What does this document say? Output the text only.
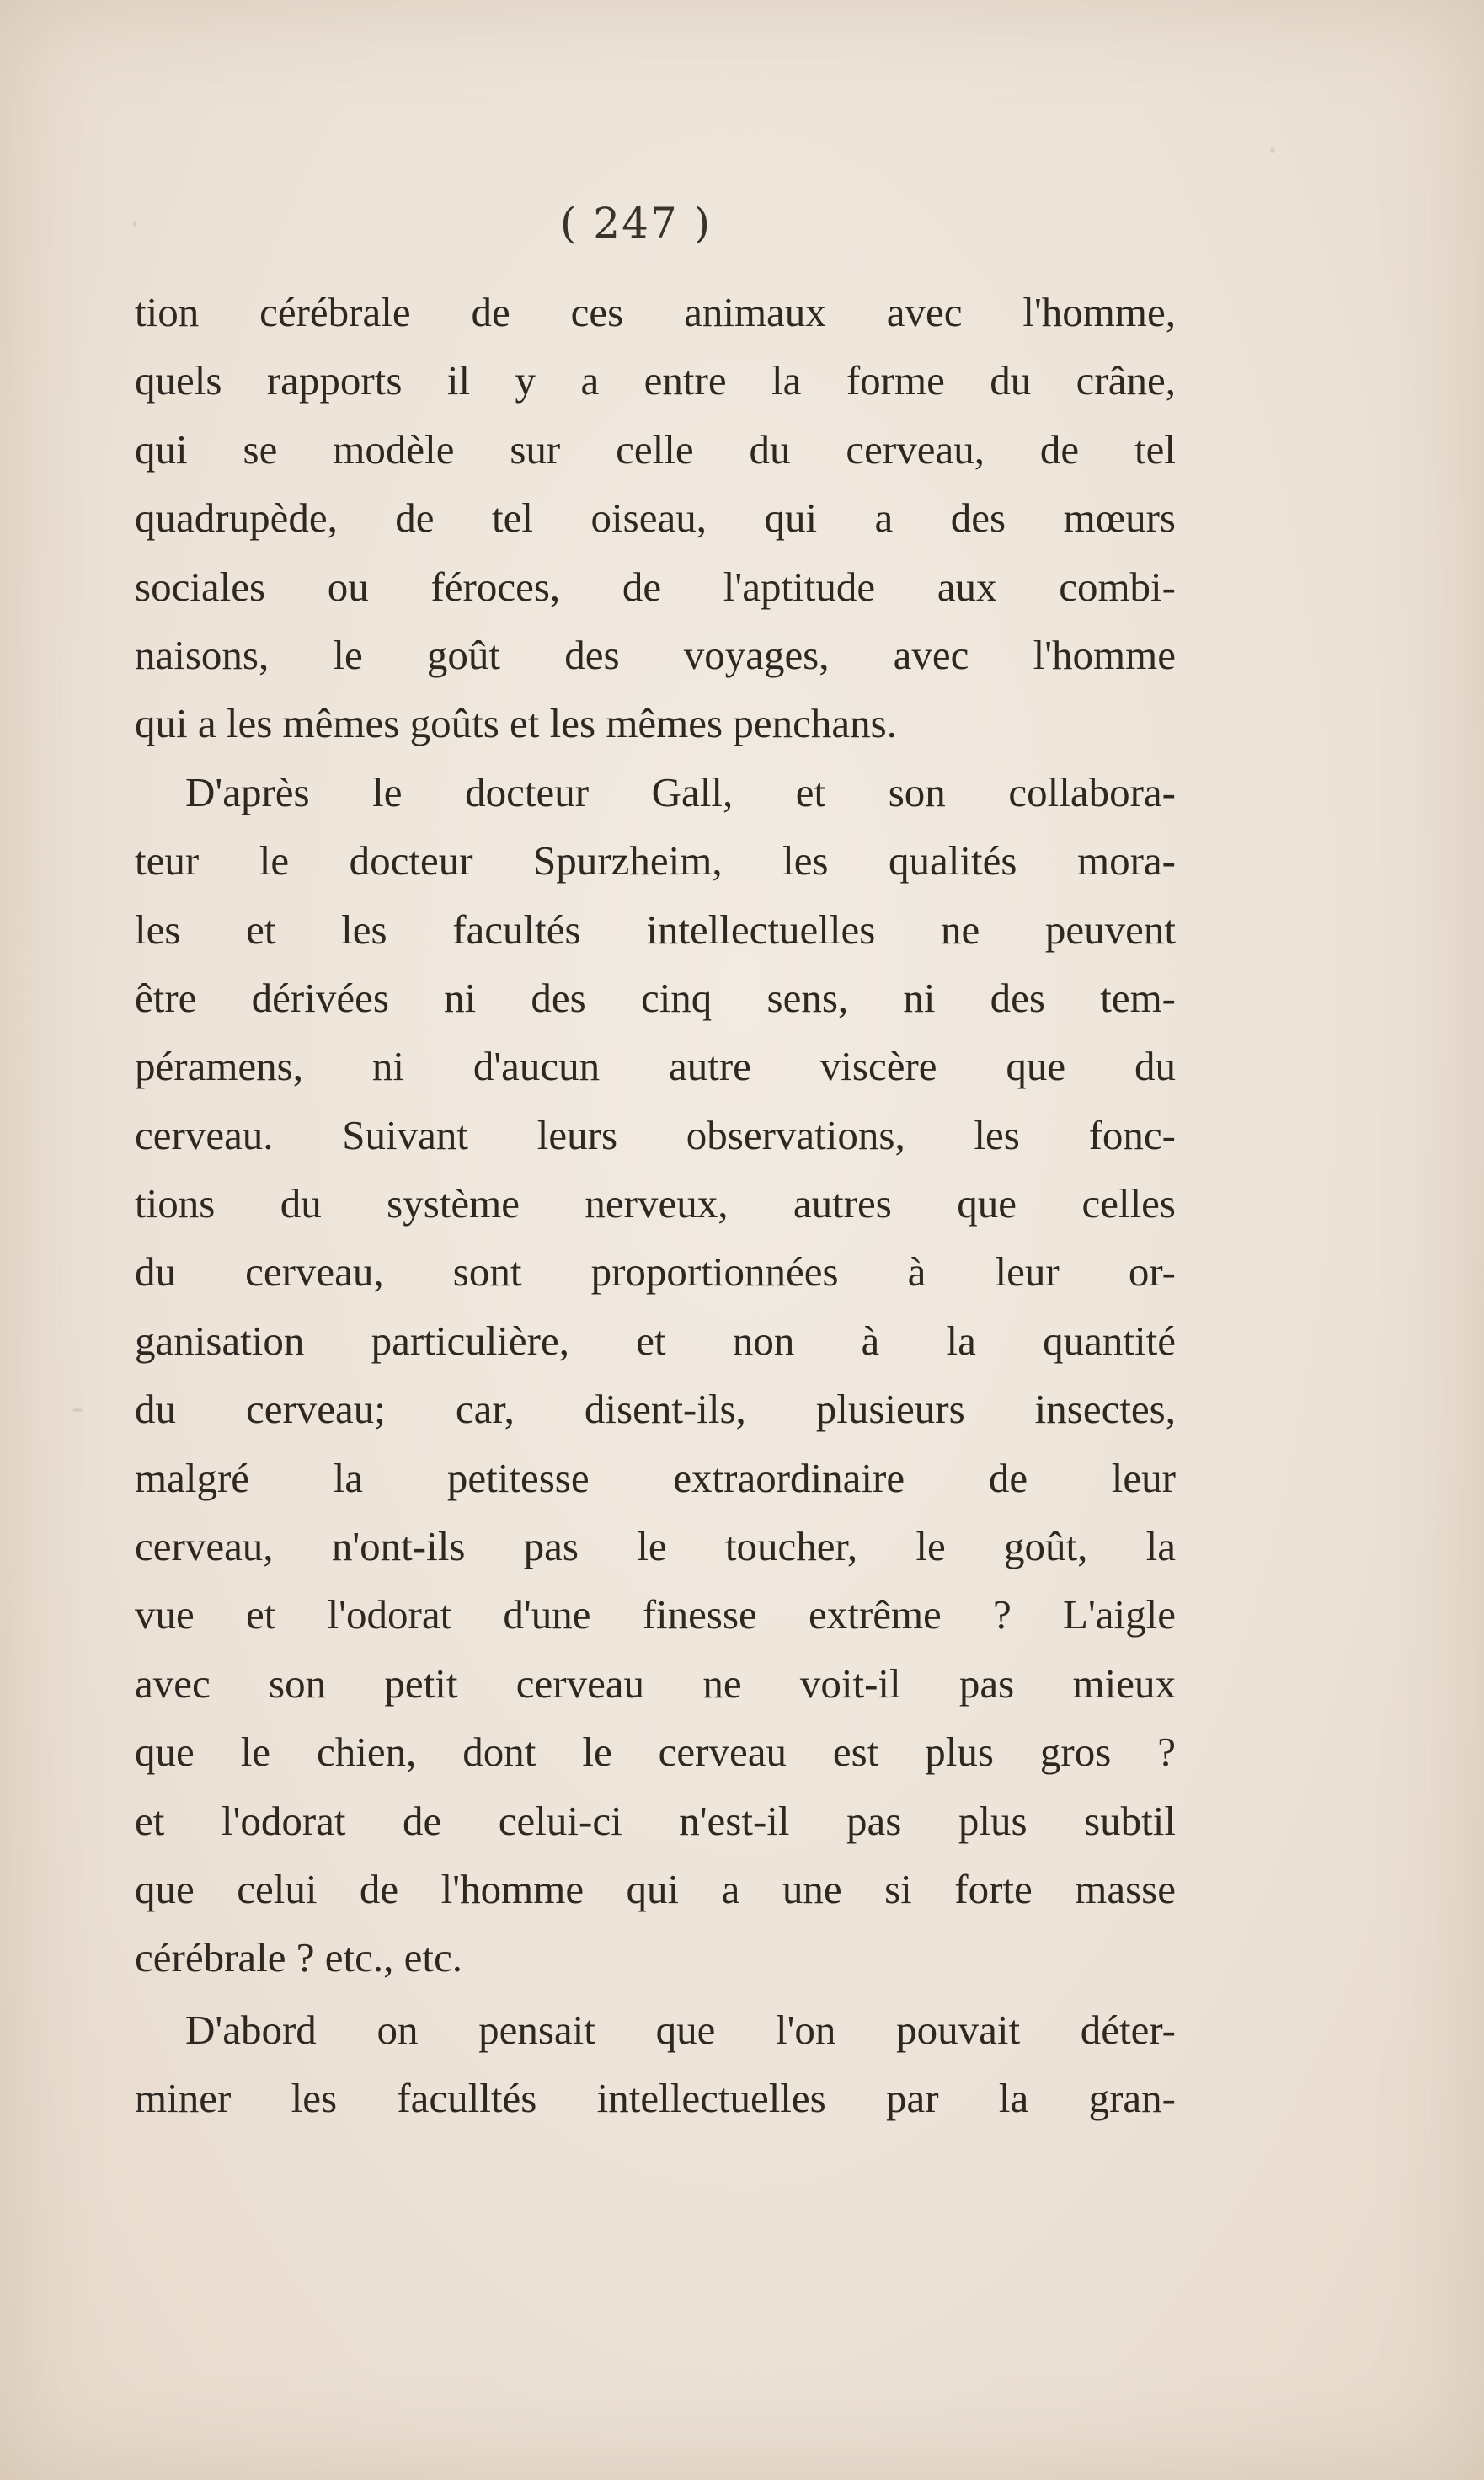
( 247 )
tion cérébrale de ces animaux avec l'homme,
quels rapports il y a entre la forme du crâne,
qui se modèle sur celle du cerveau, de tel
quadrupède, de tel oiseau, qui a des mœurs
sociales ou féroces, de l'aptitude aux combi-
naisons, le goût des voyages, avec l'homme
qui a les mêmes goûts et les mêmes penchans.
D'après le docteur Gall, et son collabora-
teur le docteur Spurzheim, les qualités mora-
les et les facultés intellectuelles ne peuvent
être dérivées ni des cinq sens, ni des tem-
péramens, ni d'aucun autre viscère que du
cerveau. Suivant leurs observations, les fonc-
tions du système nerveux, autres que celles
du cerveau, sont proportionnées à leur or-
ganisation particulière, et non à la quantité
du cerveau; car, disent-ils, plusieurs insectes,
malgré la petitesse extraordinaire de leur
cerveau, n'ont-ils pas le toucher, le goût, la
vue et l'odorat d'une finesse extrême ? L'aigle
avec son petit cerveau ne voit-il pas mieux
que le chien, dont le cerveau est plus gros ?
et l'odorat de celui-ci n'est-il pas plus subtil
que celui de l'homme qui a une si forte masse
cérébrale ? etc., etc.
D'abord on pensait que l'on pouvait déter-
miner les faculltés intellectuelles par la gran-
